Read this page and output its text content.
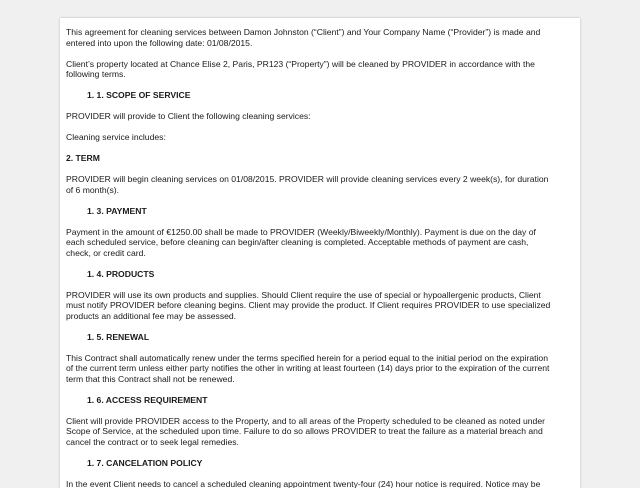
This agreement for cleaning services between Damon Johnston (“Client”) and Your Company Name (“Provider”) is made and
entered into upon the following date: 01/08/2015.

Client’s property located at Chance Elise 2, Paris, PR123 (“Property”) will be cleaned by PROVIDER in accordance with the
following terms.

1. 1. SCOPE OF SERVICE

PROVIDER will provide to Client the following cleaning services:

Cleaning service includes:

2. TERM

PROVIDER will begin cleaning services on 01/08/2015. PROVIDER will provide cleaning services every 2 week(s), for duration
of 6 month(s).

1. 3. PAYMENT

Payment in the amount of €1250.00 shall be made to PROVIDER (Weekly/Biweekly/Monthly). Payment is due on the day of
each scheduled service, before cleaning can begin/after cleaning is completed. Acceptable methods of payment are cash,
check, or credit card.

1. 4. PRODUCTS

PROVIDER will use its own products and supplies. Should Client require the use of special or hypoallergenic products, Client
must notify PROVIDER before cleaning begins. Client may provide the product. If Client requires PROVIDER to use specialized
products an additional fee may be assessed.

1. 5. RENEWAL

This Contract shall automatically renew under the terms specified herein for a period equal to the initial period on the expiration
of the current term unless either party notifies the other in writing at least fourteen (14) days prior to the expiration of the current
term that this Contract shall not be renewed.

1. 6. ACCESS REQUIREMENT

Client will provide PROVIDER access to the Property, and to all areas of the Property scheduled to be cleaned as noted under
Scope of Service, at the scheduled upon time. Failure to do so allows PROVIDER to treat the failure as a material breach and
cancel the contract or to seek legal remedies.

1. 7. CANCELATION POLICY

In the event Client needs to cancel a scheduled cleaning appointment twenty-four (24) hour notice is required. Notice may be
